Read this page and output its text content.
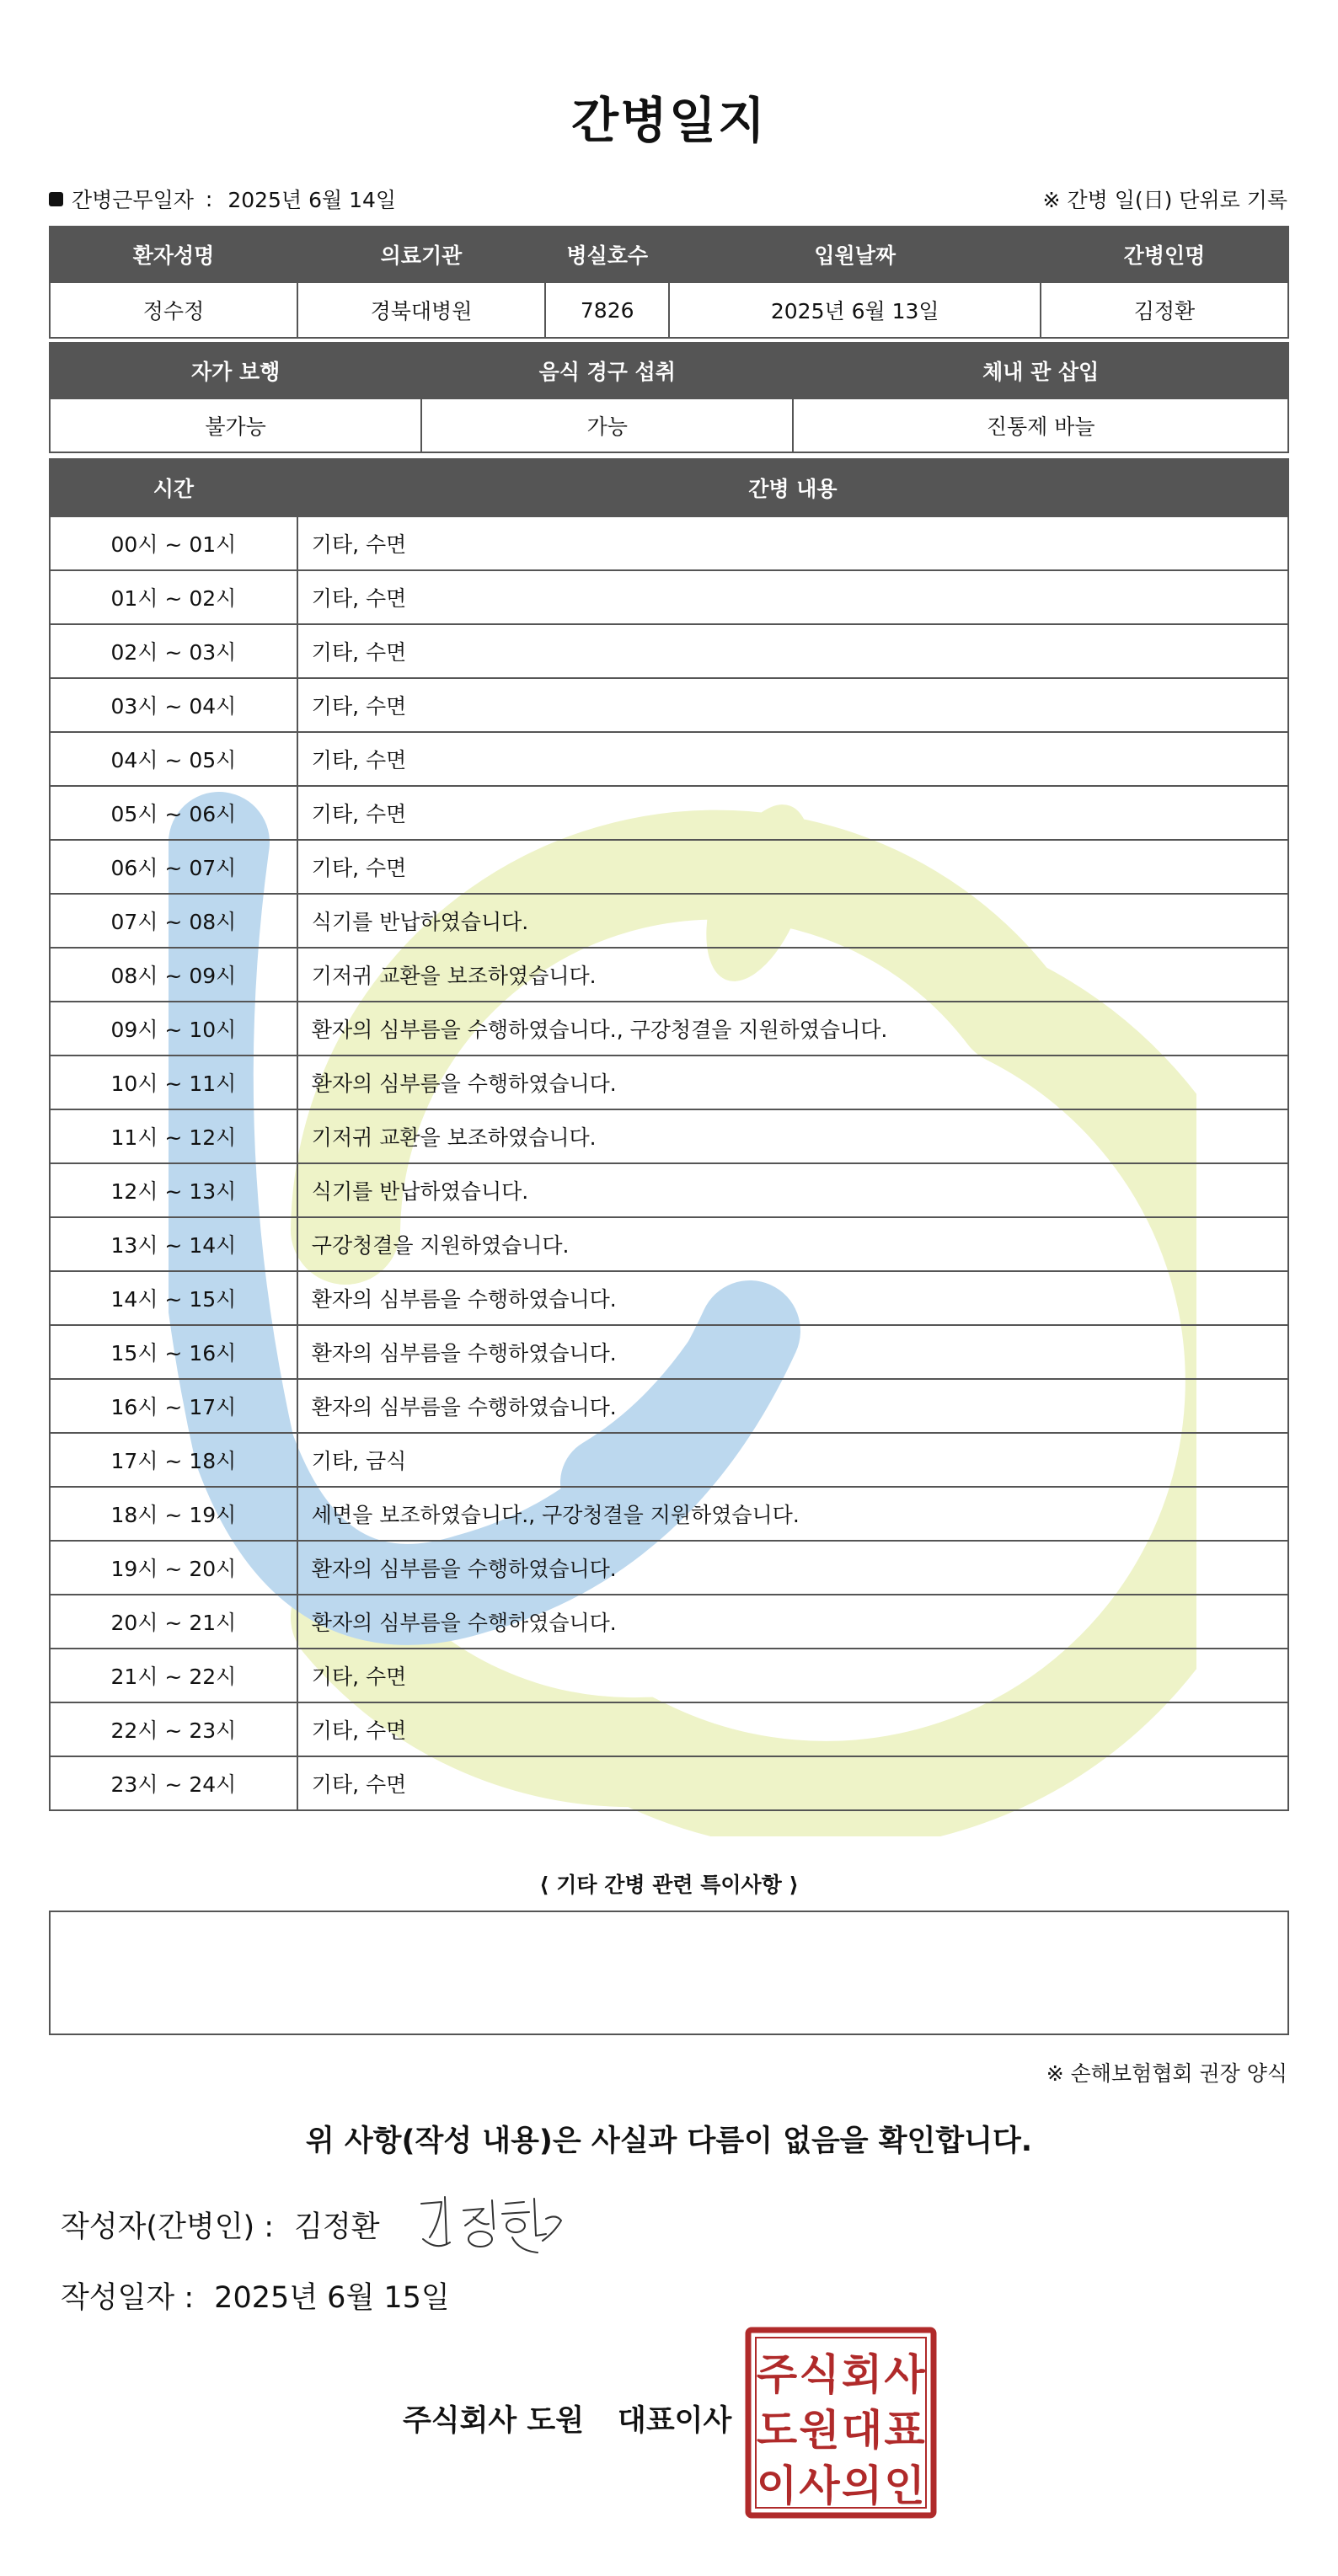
간병일지
간병근무일자 : 2025년 6월 14일	※ 간병 일(日) 단위로 기록
환자성명	의료기관	병실호수	입원날짜	간병인명
정수정	경북대병원	7826	2025년 6월 13일	김정환
자가 보행	음식 경구 섭취	체내 관 삽입
불가능	가능	진통제 바늘
시간	간병 내용
00시 ~ 01시	기타, 수면
01시 ~ 02시	기타, 수면
02시 ~ 03시	기타, 수면
03시 ~ 04시	기타, 수면
04시 ~ 05시	기타, 수면
05시 ~ 06시	기타, 수면
06시 ~ 07시	기타, 수면
07시 ~ 08시	식기를 반납하였습니다.
08시 ~ 09시	기저귀 교환을 보조하였습니다.
09시 ~ 10시	환자의 심부름을 수행하였습니다., 구강청결을 지원하였습니다.
10시 ~ 11시	환자의 심부름을 수행하였습니다.
11시 ~ 12시	기저귀 교환을 보조하였습니다.
12시 ~ 13시	식기를 반납하였습니다.
13시 ~ 14시	구강청결을 지원하였습니다.
14시 ~ 15시	환자의 심부름을 수행하였습니다.
15시 ~ 16시	환자의 심부름을 수행하였습니다.
16시 ~ 17시	환자의 심부름을 수행하였습니다.
17시 ~ 18시	기타, 금식
18시 ~ 19시	세면을 보조하였습니다., 구강청결을 지원하였습니다.
19시 ~ 20시	환자의 심부름을 수행하였습니다.
20시 ~ 21시	환자의 심부름을 수행하였습니다.
21시 ~ 22시	기타, 수면
22시 ~ 23시	기타, 수면
23시 ~ 24시	기타, 수면
⟨ 기타 간병 관련 특이사항 ⟩
※ 손해보험협회 권장 양식
위 사항(작성 내용)은 사실과 다름이 없음을 확인합니다.
작성자(간병인) : 김정환
작성일자 : 2025년 6월 15일
주식회사 도원 대표이사
주 식 회 사
도 원 대 표
이 사 의 인
